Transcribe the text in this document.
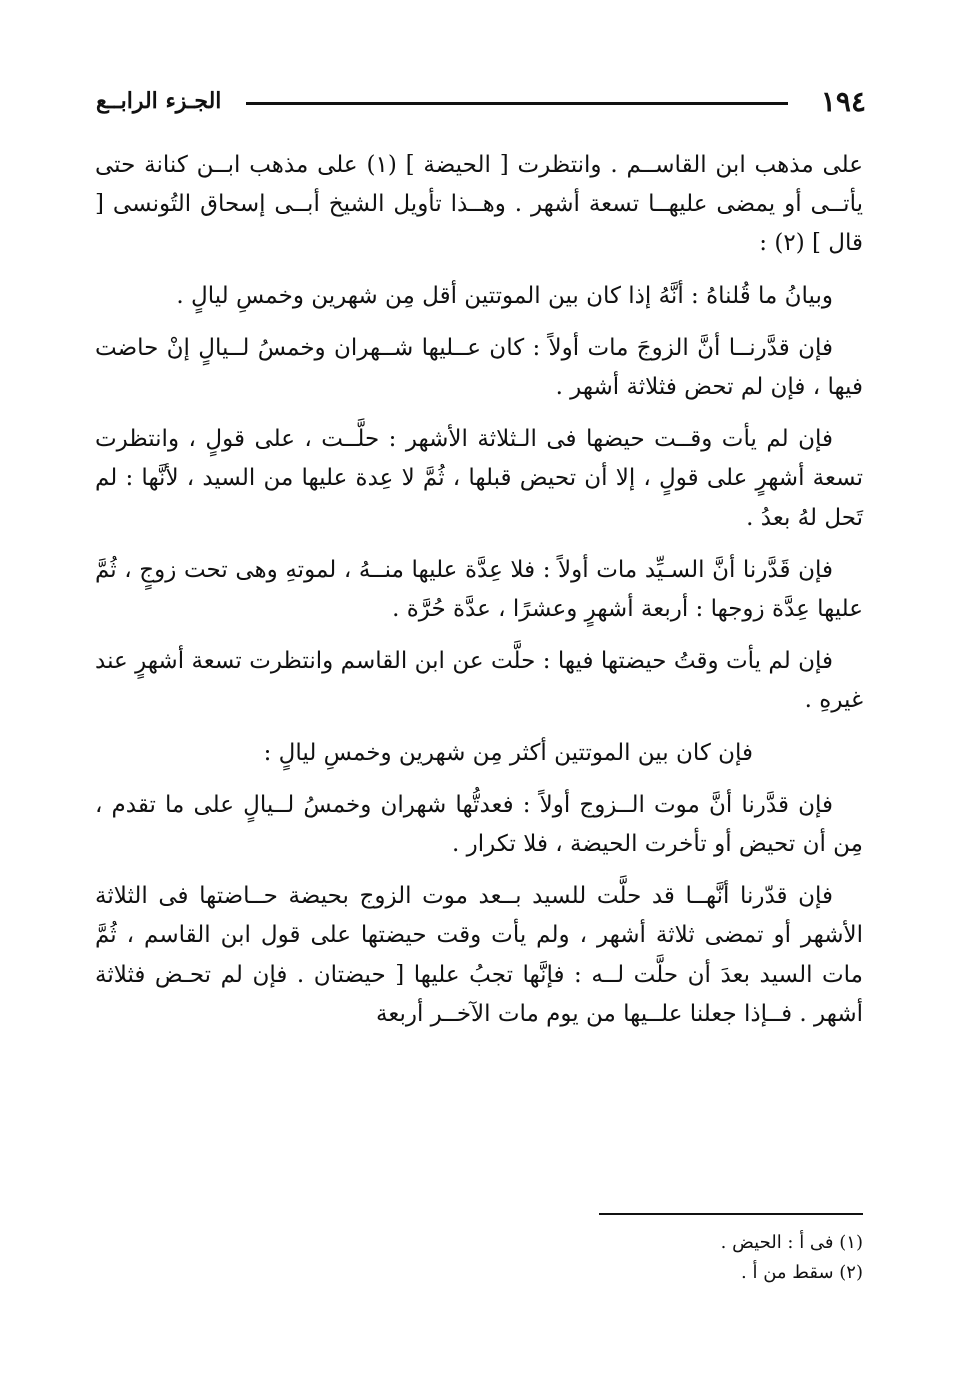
١٩٤
الجـزء الرابــع

على مذهب ابن القاســم . وانتظرت [ الحيضة ] (١) على مذهب ابــن كنانة حتى يأتــى أو يمضى عليهــا تسعة أشهر . وهــذا تأويل الشيخ أبــى إسحاق التُونسى [ قال ] (٢) :

وبيانُ ما قُلناهُ : أنَّهُ إذا كان بين الموتتين أقل مِن شهرين وخمسِ ليالٍ .

فإن قدَّرنــا أنَّ الزوجَ مات أولاً : كان عــليها شــهران وخمسُ لــيالٍ إنْ حاضت فيها ، فإن لم تحض فثلاثة أشهر .

فإن لم يأت وقــت حيضها فى الـثلاثة الأشهر : حلَّــت ، على قولٍ ، وانتظرت تسعة أشهرٍ على قولٍ ، إلا أن تحيض قبلها ، ثُمَّ لا عِدة عليها من السيد ، لأنَّها : لم تَحل لهُ بعدُ .

فإن قَدَّرنا أنَّ السـيِّد مات أولاً : فلا عِدَّة عليها منــهُ ، لموتهِ وهى تحت زوجٍ ، ثُمَّ عليها عِدَّة زوجها : أربعة أشهرٍ وعشرًا ، عدَّة حُرَّة .

فإن لم يأت وقتُ حيضتها فيها : حلَّت عن ابن القاسم وانتظرت تسعة أشهرٍ عند غيرهِ .

فإن كان بين الموتتين أكثر مِن شهرين وخمسِ ليالٍ :

فإن قدَّرنا أنَّ موت الــزوج أولاً : فعدتُّها شهران وخمسُ لــيالٍ على ما تقدم ، مِن أن تحيض أو تأخرت الحيضة ، فلا تكرار .

فإن قدّرنا أنَّهــا قد حلَّت للسيد بــعد موت الزوج بحيضة حــاضتها فى الثلاثة الأشهر أو تمضى ثلاثة أشهر ، ولم يأت وقت حيضتها على قول ابن القاسم ، ثُمَّ مات السيد بعدَ أن حلَّت لــه : فإنَّها تجبُ عليها [ حيضتان . فإن لم تحـض فثلاثة أشهر . فــإذا جعلنا علــيها من يوم مات الآخــر أربعة

(١) فى أ : الحيض .

(٢) سقط من أ .
